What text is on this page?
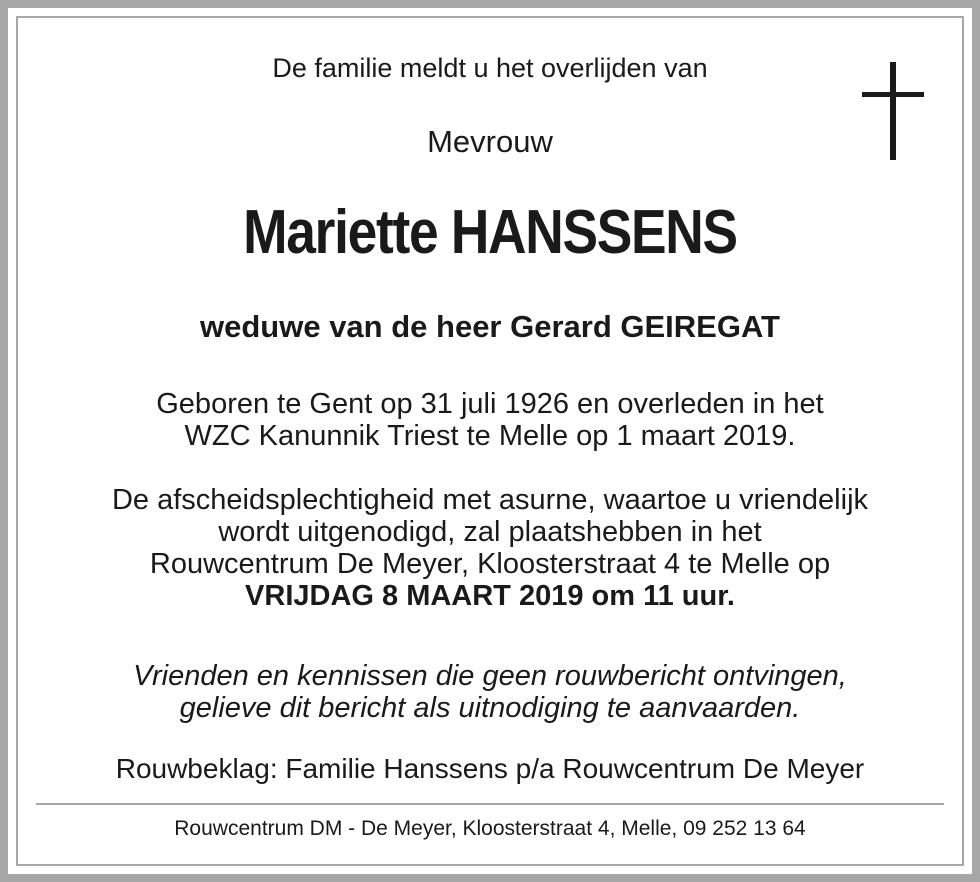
De familie meldt u het overlijden van
Mevrouw
Mariette HANSSENS
weduwe van de heer Gerard GEIREGAT
Geboren te Gent op 31 juli 1926 en overleden in het
WZC Kanunnik Triest te Melle op 1 maart 2019.
De afscheidsplechtigheid met asurne, waartoe u vriendelijk
wordt uitgenodigd, zal plaatshebben in het
Rouwcentrum De Meyer, Kloosterstraat 4 te Melle op
VRIJDAG 8 MAART 2019 om 11 uur.
Vrienden en kennissen die geen rouwbericht ontvingen,
gelieve dit bericht als uitnodiging te aanvaarden.
Rouwbeklag: Familie Hanssens p/a Rouwcentrum De Meyer
Rouwcentrum DM - De Meyer, Kloosterstraat 4, Melle, 09 252 13 64
